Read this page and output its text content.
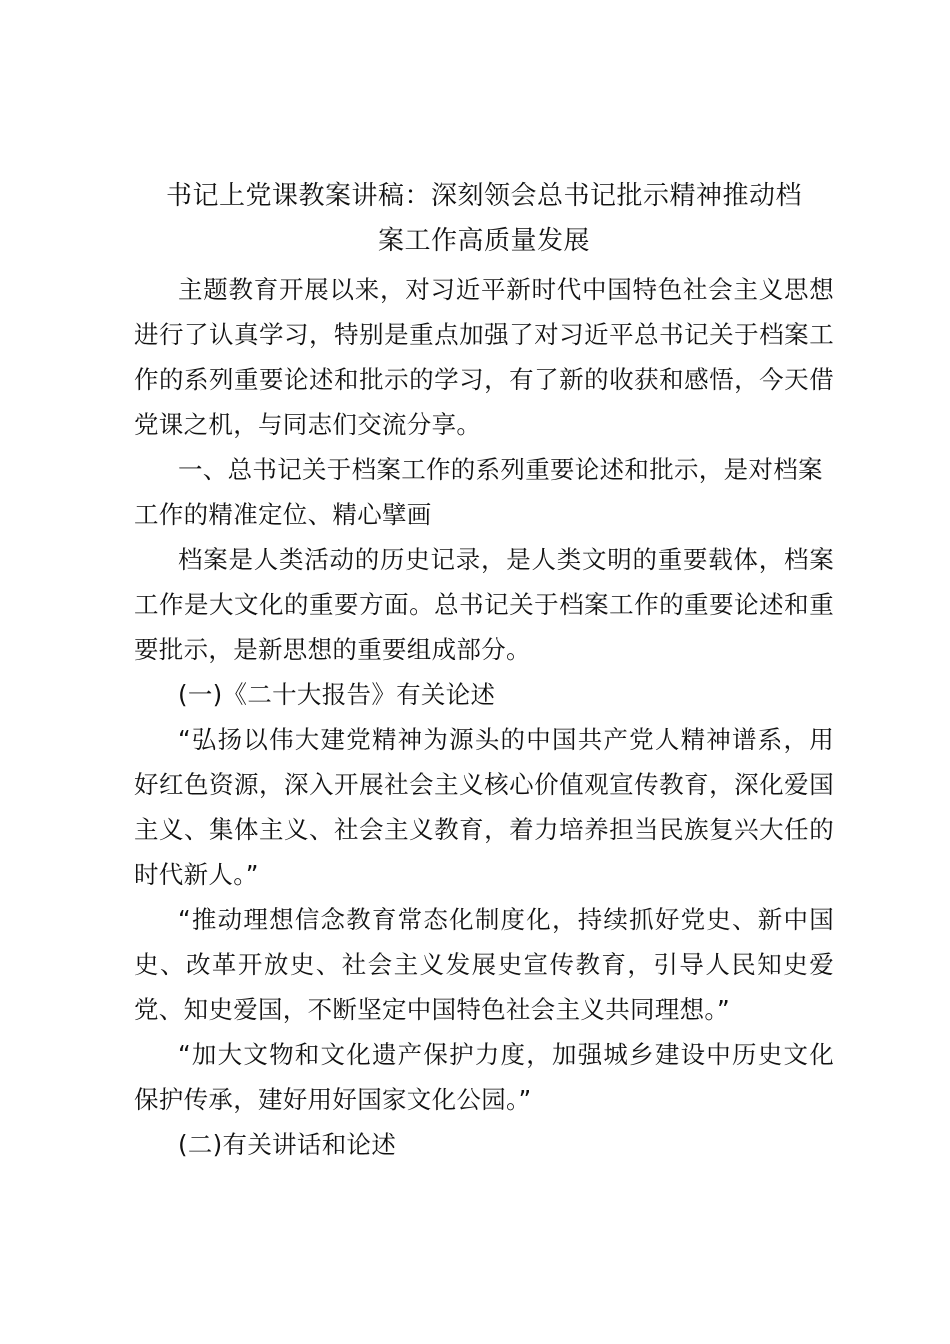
书记上党课教案讲稿：深刻领会总书记批示精神推动档
案工作高质量发展

主题教育开展以来，对习近平新时代中国特色社会主义思想进行了认真学习，特别是重点加强了对习近平总书记关于档案工作的系列重要论述和批示的学习，有了新的收获和感悟，今天借党课之机，与同志们交流分享。

一、总书记关于档案工作的系列重要论述和批示，是对档案工作的精准定位、精心擘画

档案是人类活动的历史记录，是人类文明的重要载体，档案工作是大文化的重要方面。总书记关于档案工作的重要论述和重要批示，是新思想的重要组成部分。

(一)《二十大报告》有关论述

“弘扬以伟大建党精神为源头的中国共产党人精神谱系，用好红色资源，深入开展社会主义核心价值观宣传教育，深化爱国主义、集体主义、社会主义教育，着力培养担当民族复兴大任的时代新人。”

“推动理想信念教育常态化制度化，持续抓好党史、新中国史、改革开放史、社会主义发展史宣传教育，引导人民知史爱党、知史爱国，不断坚定中国特色社会主义共同理想。”

“加大文物和文化遗产保护力度，加强城乡建设中历史文化保护传承，建好用好国家文化公园。”

(二)有关讲话和论述
